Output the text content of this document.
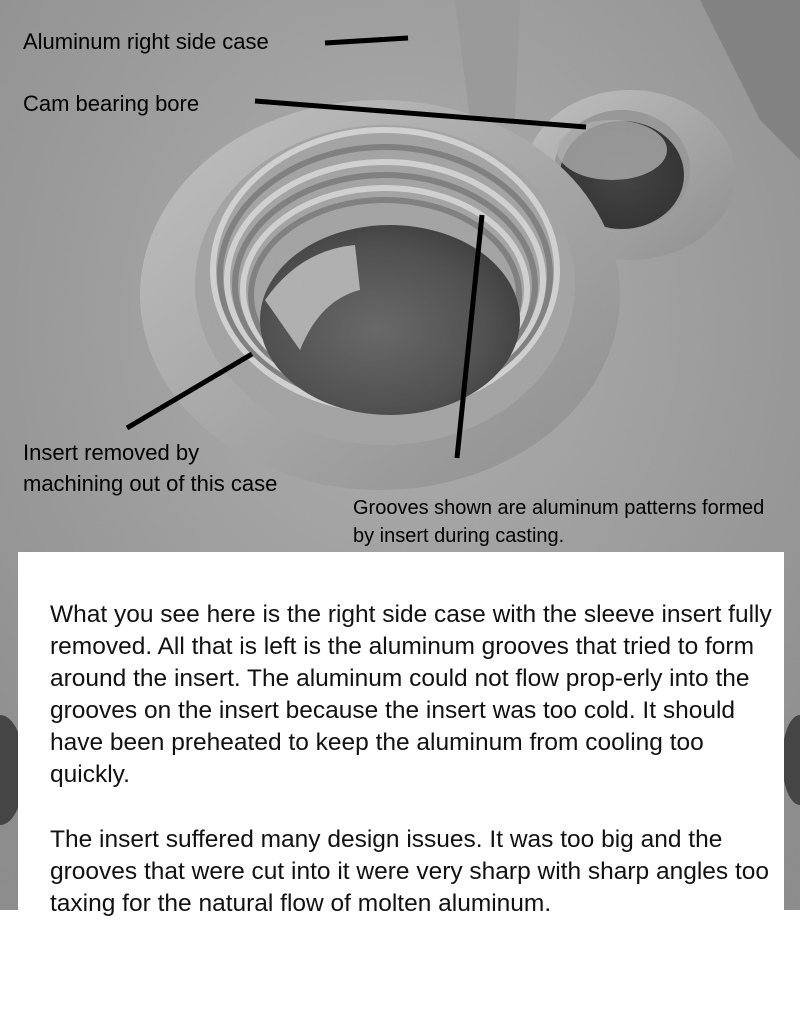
Aluminum right side case
Cam bearing bore
Insert removed by machining out of this case
Grooves shown are aluminum patterns formed by insert during casting.

What you see here is the right side case with the sleeve insert fully removed. All that is left is the aluminum grooves that tried to form around the insert. The aluminum could not flow prop-erly into the grooves on the insert because the insert was too cold. It should have been preheated to keep the aluminum from cooling too quickly.

The insert suffered many design issues. It was too big and the grooves that were cut into it were very sharp with sharp angles too taxing for the natural flow of molten aluminum.
